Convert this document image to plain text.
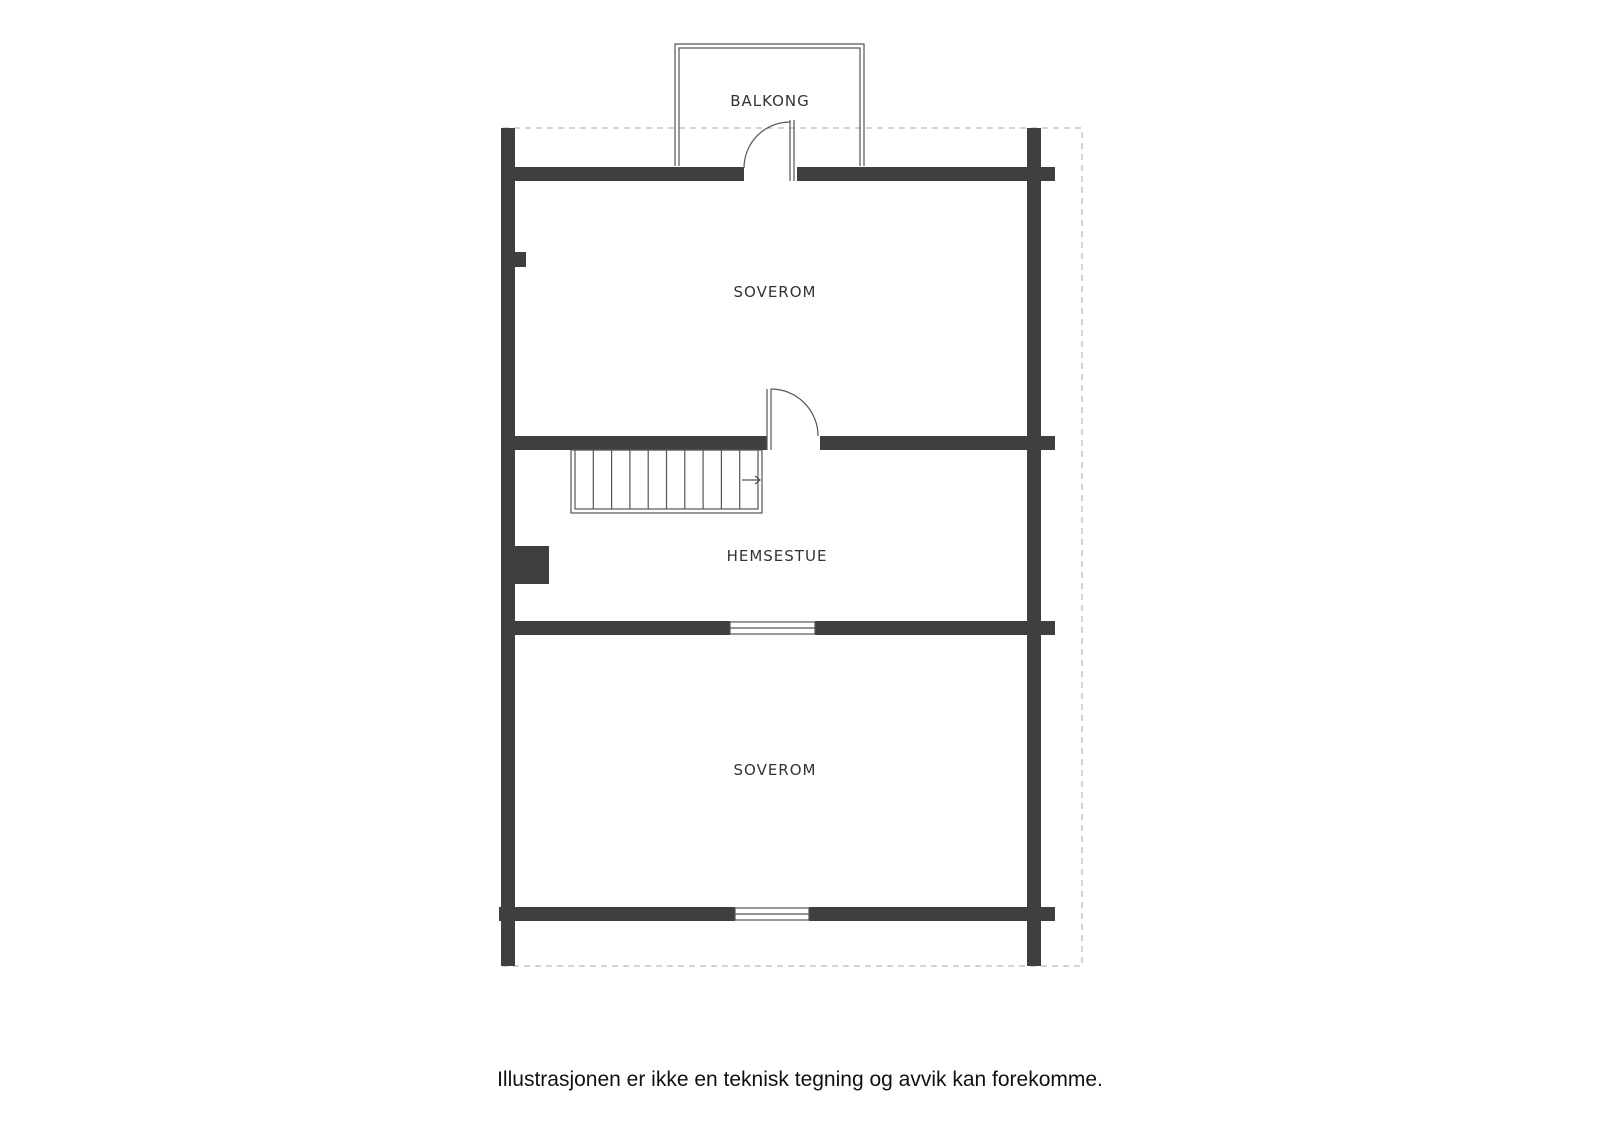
BALKONG
SOVEROM
HEMSESTUE
SOVEROM
Illustrasjonen er ikke en teknisk tegning og avvik kan forekomme.
